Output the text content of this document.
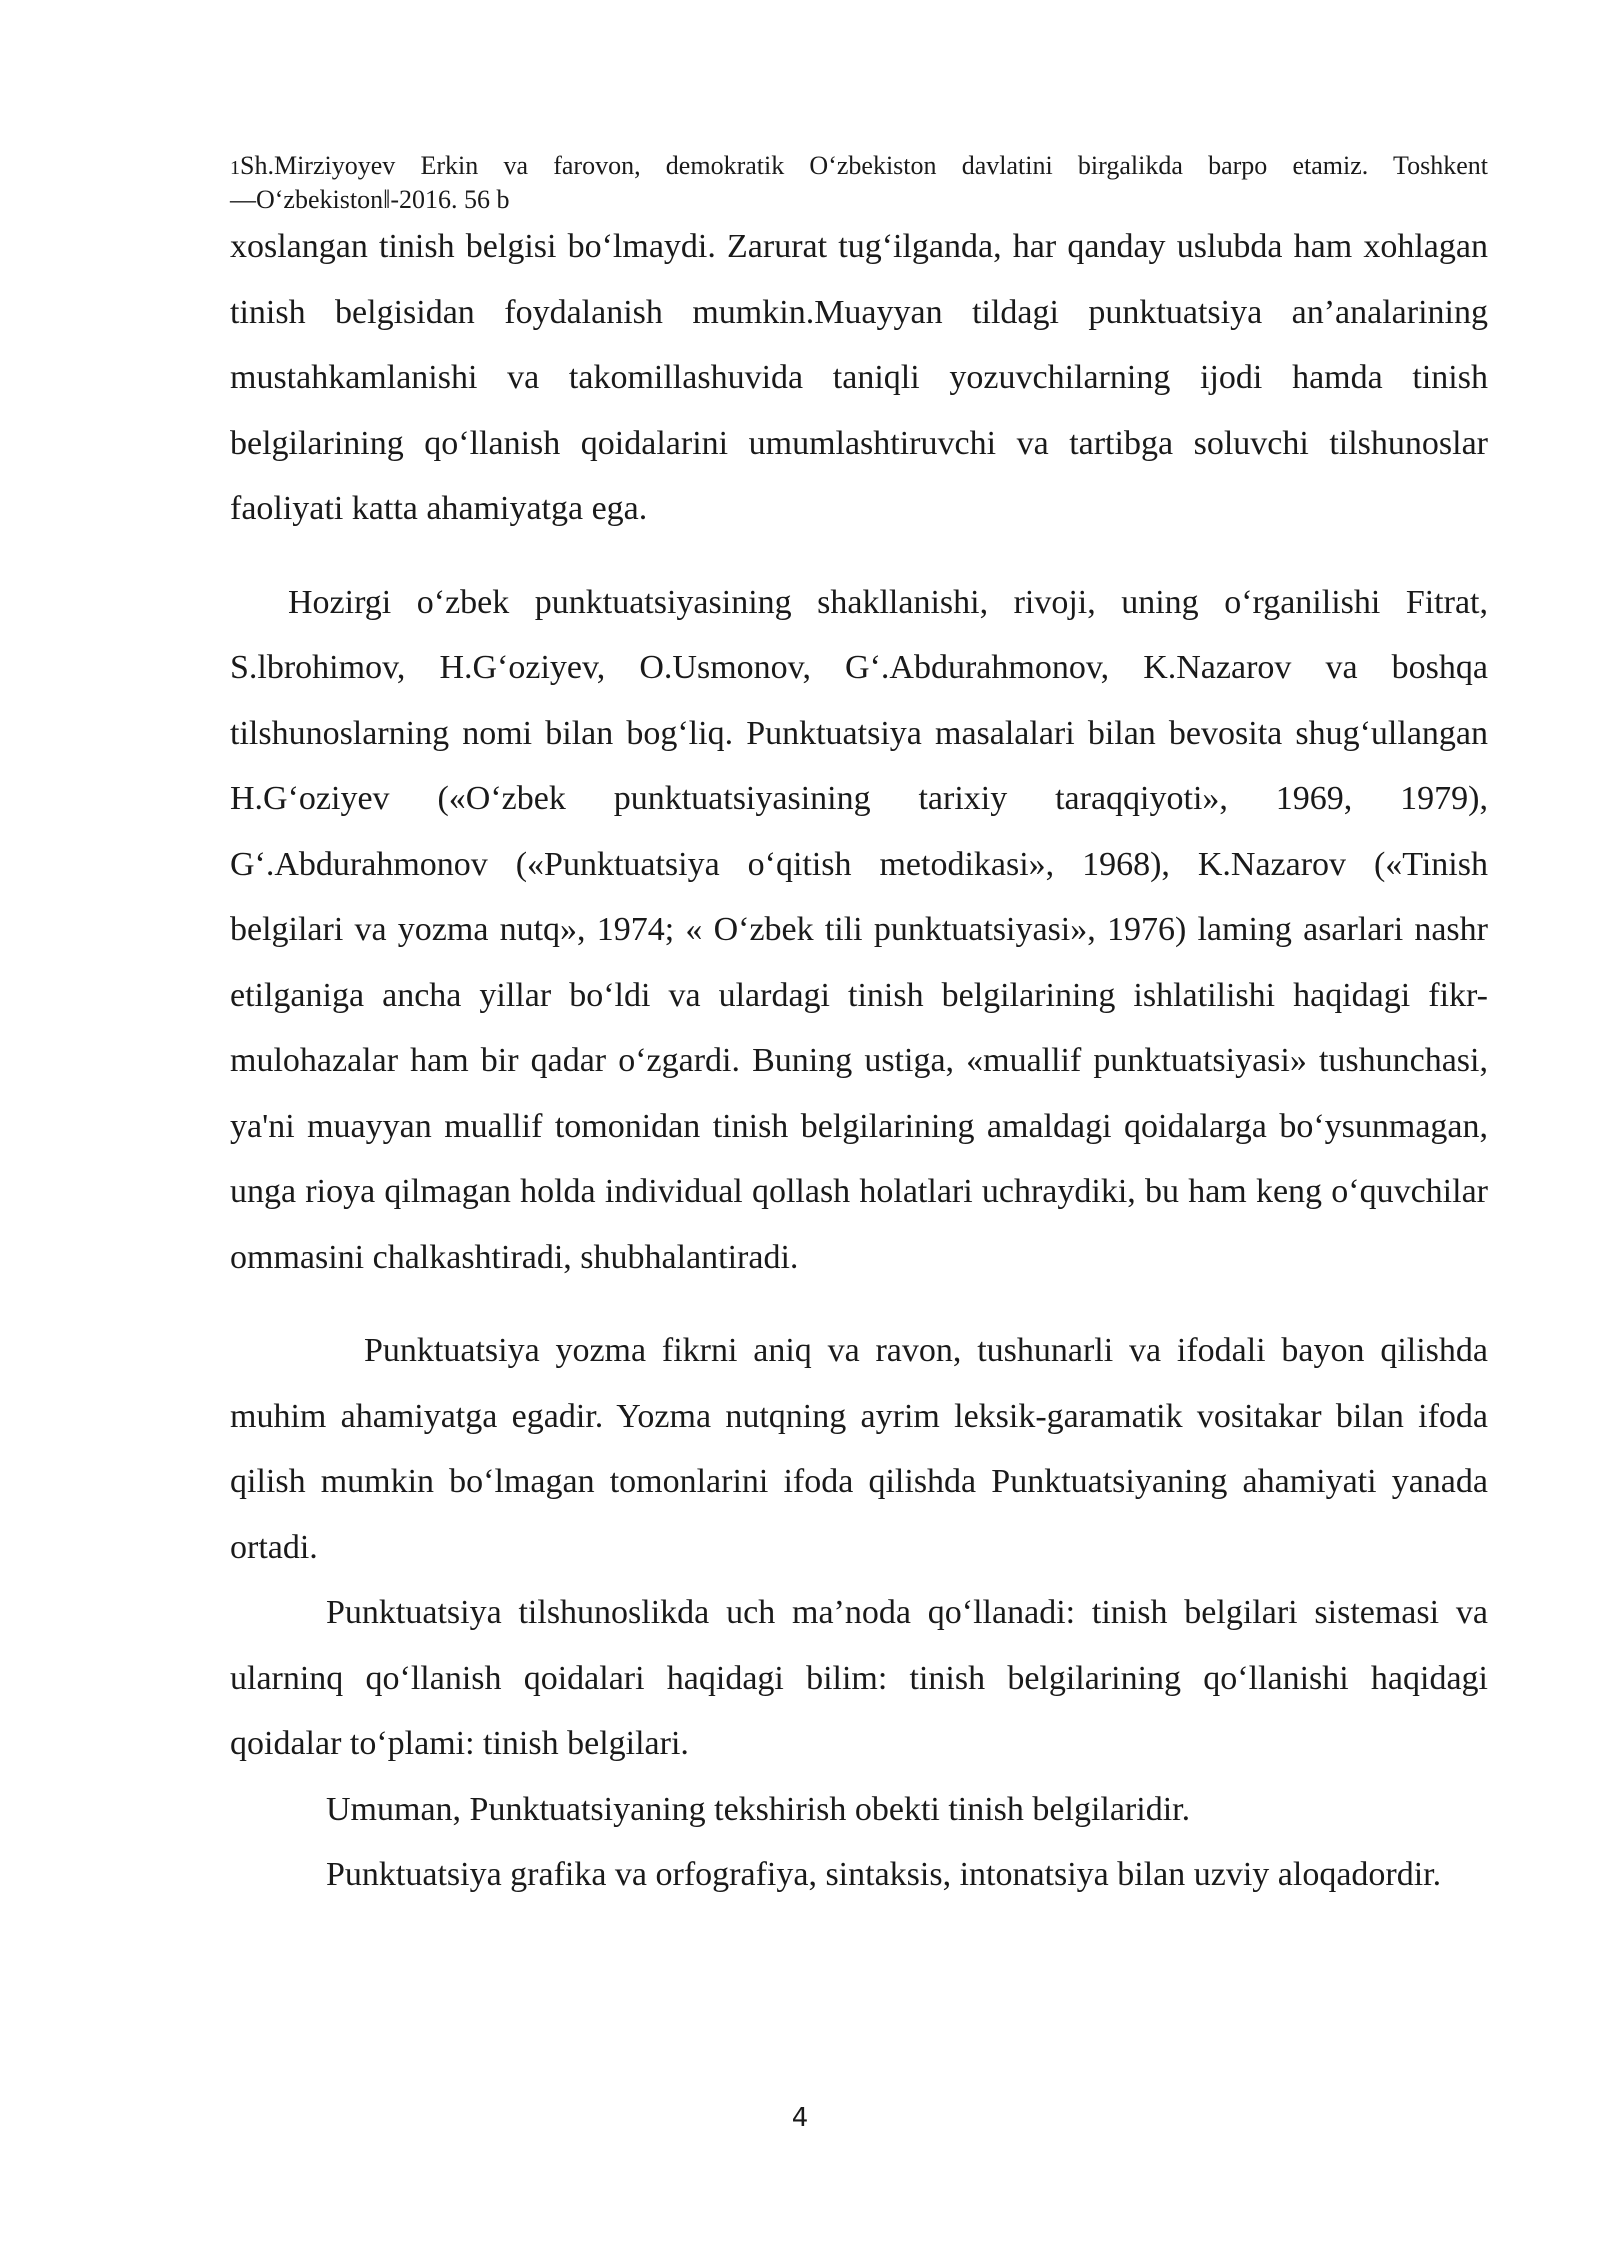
1Sh.Mirziyoyev Erkin va farovon, demokratik O‘zbekiston davlatini birgalikda barpo etamiz. Toshkent
―O‘zbekiston‖-2016. 56 b

xoslangan tinish belgisi bo‘lmaydi. Zarurat tug‘ilganda, har qanday uslubda ham xohlagan tinish belgisidan foydalanish mumkin.Muayyan tildagi punktuatsiya an’analarining mustahkamlanishi va takomillashuvida taniqli yozuvchilarning ijodi hamda tinish belgilarining qo‘llanish qoidalarini umumlashtiruvchi va tartibga soluvchi tilshunoslar faoliyati katta ahamiyatga ega.

Hozirgi o‘zbek punktuatsiyasining shakllanishi, rivoji, uning o‘rganilishi Fitrat, S.lbrohimov, H.G‘oziyev, O.Usmonov, G‘.Abdurahmonov, K.Nazarov va boshqa tilshunoslarning nomi bilan bog‘liq. Punktuatsiya masalalari bilan bevosita shug‘ullangan H.G‘oziyev («O‘zbek punktuatsiyasining tarixiy taraqqiyoti», 1969, 1979), G‘.Abdurahmonov («Punktuatsiya o‘qitish metodikasi», 1968), K.Nazarov («Tinish belgilari va yozma nutq», 1974; « O‘zbek tili punktuatsiyasi», 1976) laming asarlari nashr etilganiga ancha yillar bo‘ldi va ulardagi tinish belgilarining ishlatilishi haqidagi fikr-mulohazalar ham bir qadar o‘zgardi. Buning ustiga, «muallif punktuatsiyasi» tushunchasi, ya'ni muayyan muallif tomonidan tinish belgilarining amaldagi qoidalarga bo‘ysunmagan, unga rioya qilmagan holda individual qollash holatlari uchraydiki, bu ham keng o‘quvchilar ommasini chalkashtiradi, shubhalantiradi.

Punktuatsiya yozma fikrni aniq va ravon, tushunarli va ifodali bayon qilishda muhim ahamiyatga egadir. Yozma nutqning ayrim leksik-garamatik vositakar bilan ifoda qilish mumkin bo‘lmagan tomonlarini ifoda qilishda Punktuatsiyaning ahamiyati yanada ortadi.

Punktuatsiya tilshunoslikda uch ma’noda qo‘llanadi: tinish belgilari sistemasi va ularninq qo‘llanish qoidalari haqidagi bilim: tinish belgilarining qo‘llanishi haqidagi qoidalar to‘plami: tinish belgilari.

Umuman, Punktuatsiyaning tekshirish obekti tinish belgilaridir.

Punktuatsiya grafika va orfografiya, sintaksis, intonatsiya bilan uzviy aloqadordir.

4
